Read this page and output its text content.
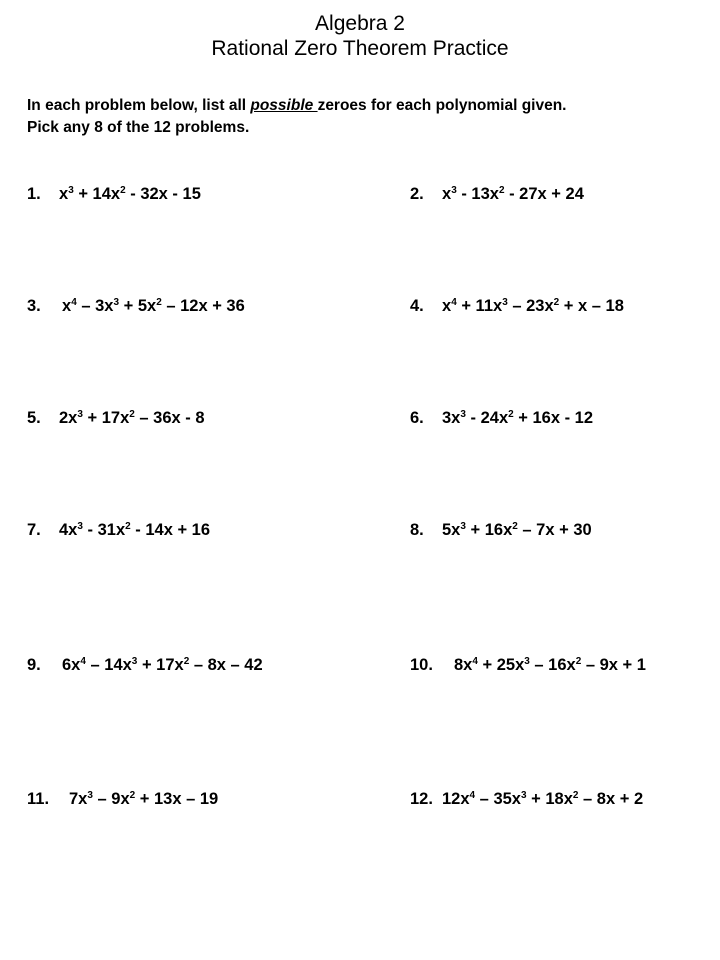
Algebra 2
Rational Zero Theorem Practice
In each problem below, list all possible zeroes for each polynomial given.
Pick any 8 of the 12 problems.
1. $x^3 + 14x^2 - 32x - 15$	2. $x^3 - 13x^2 - 27x + 24$
3. $x^4 - 3x^3 + 5x^2 - 12x + 36$	4. $x^4 + 11x^3 - 23x^2 + x - 18$
5. $2x^3 + 17x^2 - 36x - 8$	6. $3x^3 - 24x^2 + 16x - 12$
7. $4x^3 - 31x^2 - 14x + 16$	8. $5x^3 + 16x^2 - 7x + 30$
9. $6x^4 - 14x^3 + 17x^2 - 8x - 42$	10. $8x^4 + 25x^3 - 16x^2 - 9x + 1$
11. $7x^3 - 9x^2 + 13x - 19$	12. $12x^4 - 35x^3 + 18x^2 - 8x + 2$
